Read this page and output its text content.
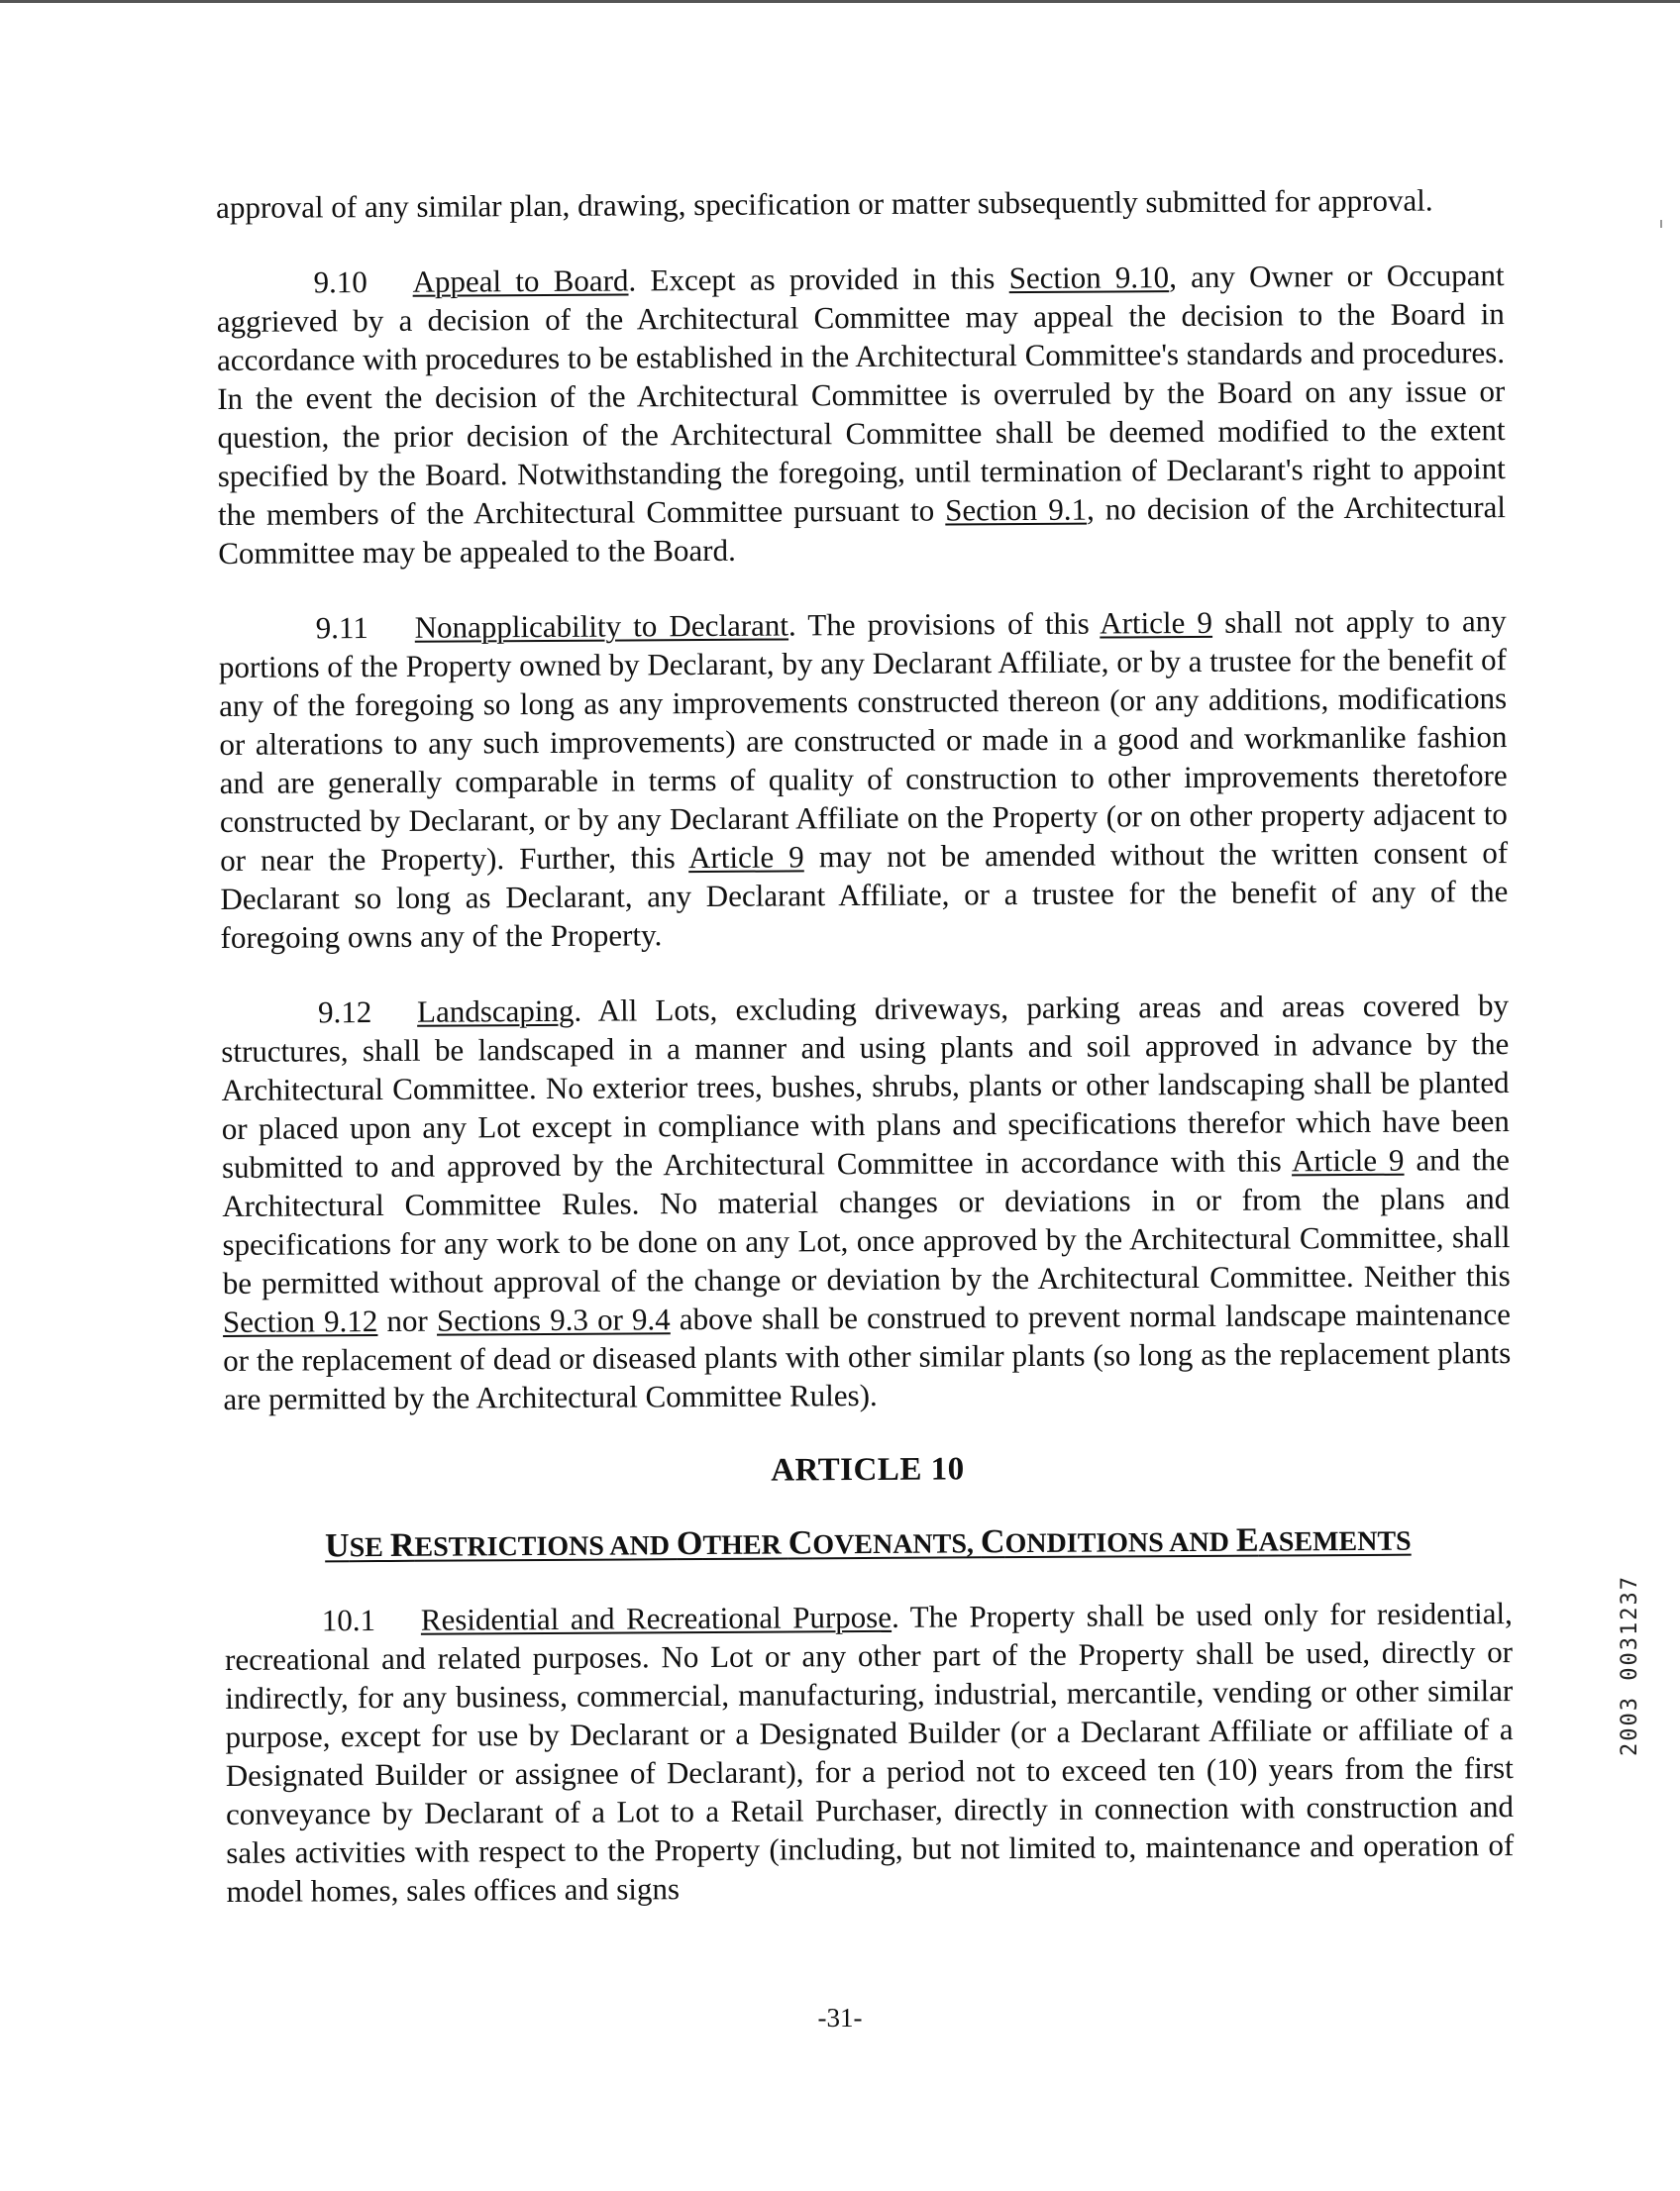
approval of any similar plan, drawing, specification or matter subsequently submitted for approval.

9.10 Appeal to Board. Except as provided in this Section 9.10, any Owner or Occupant aggrieved by a decision of the Architectural Committee may appeal the decision to the Board in accordance with procedures to be established in the Architectural Committee's standards and procedures. In the event the decision of the Architectural Committee is overruled by the Board on any issue or question, the prior decision of the Architectural Committee shall be deemed modified to the extent specified by the Board. Notwithstanding the foregoing, until termination of Declarant's right to appoint the members of the Architectural Committee pursuant to Section 9.1, no decision of the Architectural Committee may be appealed to the Board.

9.11 Nonapplicability to Declarant. The provisions of this Article 9 shall not apply to any portions of the Property owned by Declarant, by any Declarant Affiliate, or by a trustee for the benefit of any of the foregoing so long as any improvements constructed thereon (or any additions, modifications or alterations to any such improvements) are constructed or made in a good and workmanlike fashion and are generally comparable in terms of quality of construction to other improvements theretofore constructed by Declarant, or by any Declarant Affiliate on the Property (or on other property adjacent to or near the Property). Further, this Article 9 may not be amended without the written consent of Declarant so long as Declarant, any Declarant Affiliate, or a trustee for the benefit of any of the foregoing owns any of the Property.

9.12 Landscaping. All Lots, excluding driveways, parking areas and areas covered by structures, shall be landscaped in a manner and using plants and soil approved in advance by the Architectural Committee. No exterior trees, bushes, shrubs, plants or other landscaping shall be planted or placed upon any Lot except in compliance with plans and specifications therefor which have been submitted to and approved by the Architectural Committee in accordance with this Article 9 and the Architectural Committee Rules. No material changes or deviations in or from the plans and specifications for any work to be done on any Lot, once approved by the Architectural Committee, shall be permitted without approval of the change or deviation by the Architectural Committee. Neither this Section 9.12 nor Sections 9.3 or 9.4 above shall be construed to prevent normal landscape maintenance or the replacement of dead or diseased plants with other similar plants (so long as the replacement plants are permitted by the Architectural Committee Rules).

ARTICLE 10
USE RESTRICTIONS AND OTHER COVENANTS, CONDITIONS AND EASEMENTS

10.1 Residential and Recreational Purpose. The Property shall be used only for residential, recreational and related purposes. No Lot or any other part of the Property shall be used, directly or indirectly, for any business, commercial, manufacturing, industrial, mercantile, vending or other similar purpose, except for use by Declarant or a Designated Builder (or a Declarant Affiliate or affiliate of a Designated Builder or assignee of Declarant), for a period not to exceed ten (10) years from the first conveyance by Declarant of a Lot to a Retail Purchaser, directly in connection with construction and sales activities with respect to the Property (including, but not limited to, maintenance and operation of model homes, sales offices and signs

-31-
2003 0031237
